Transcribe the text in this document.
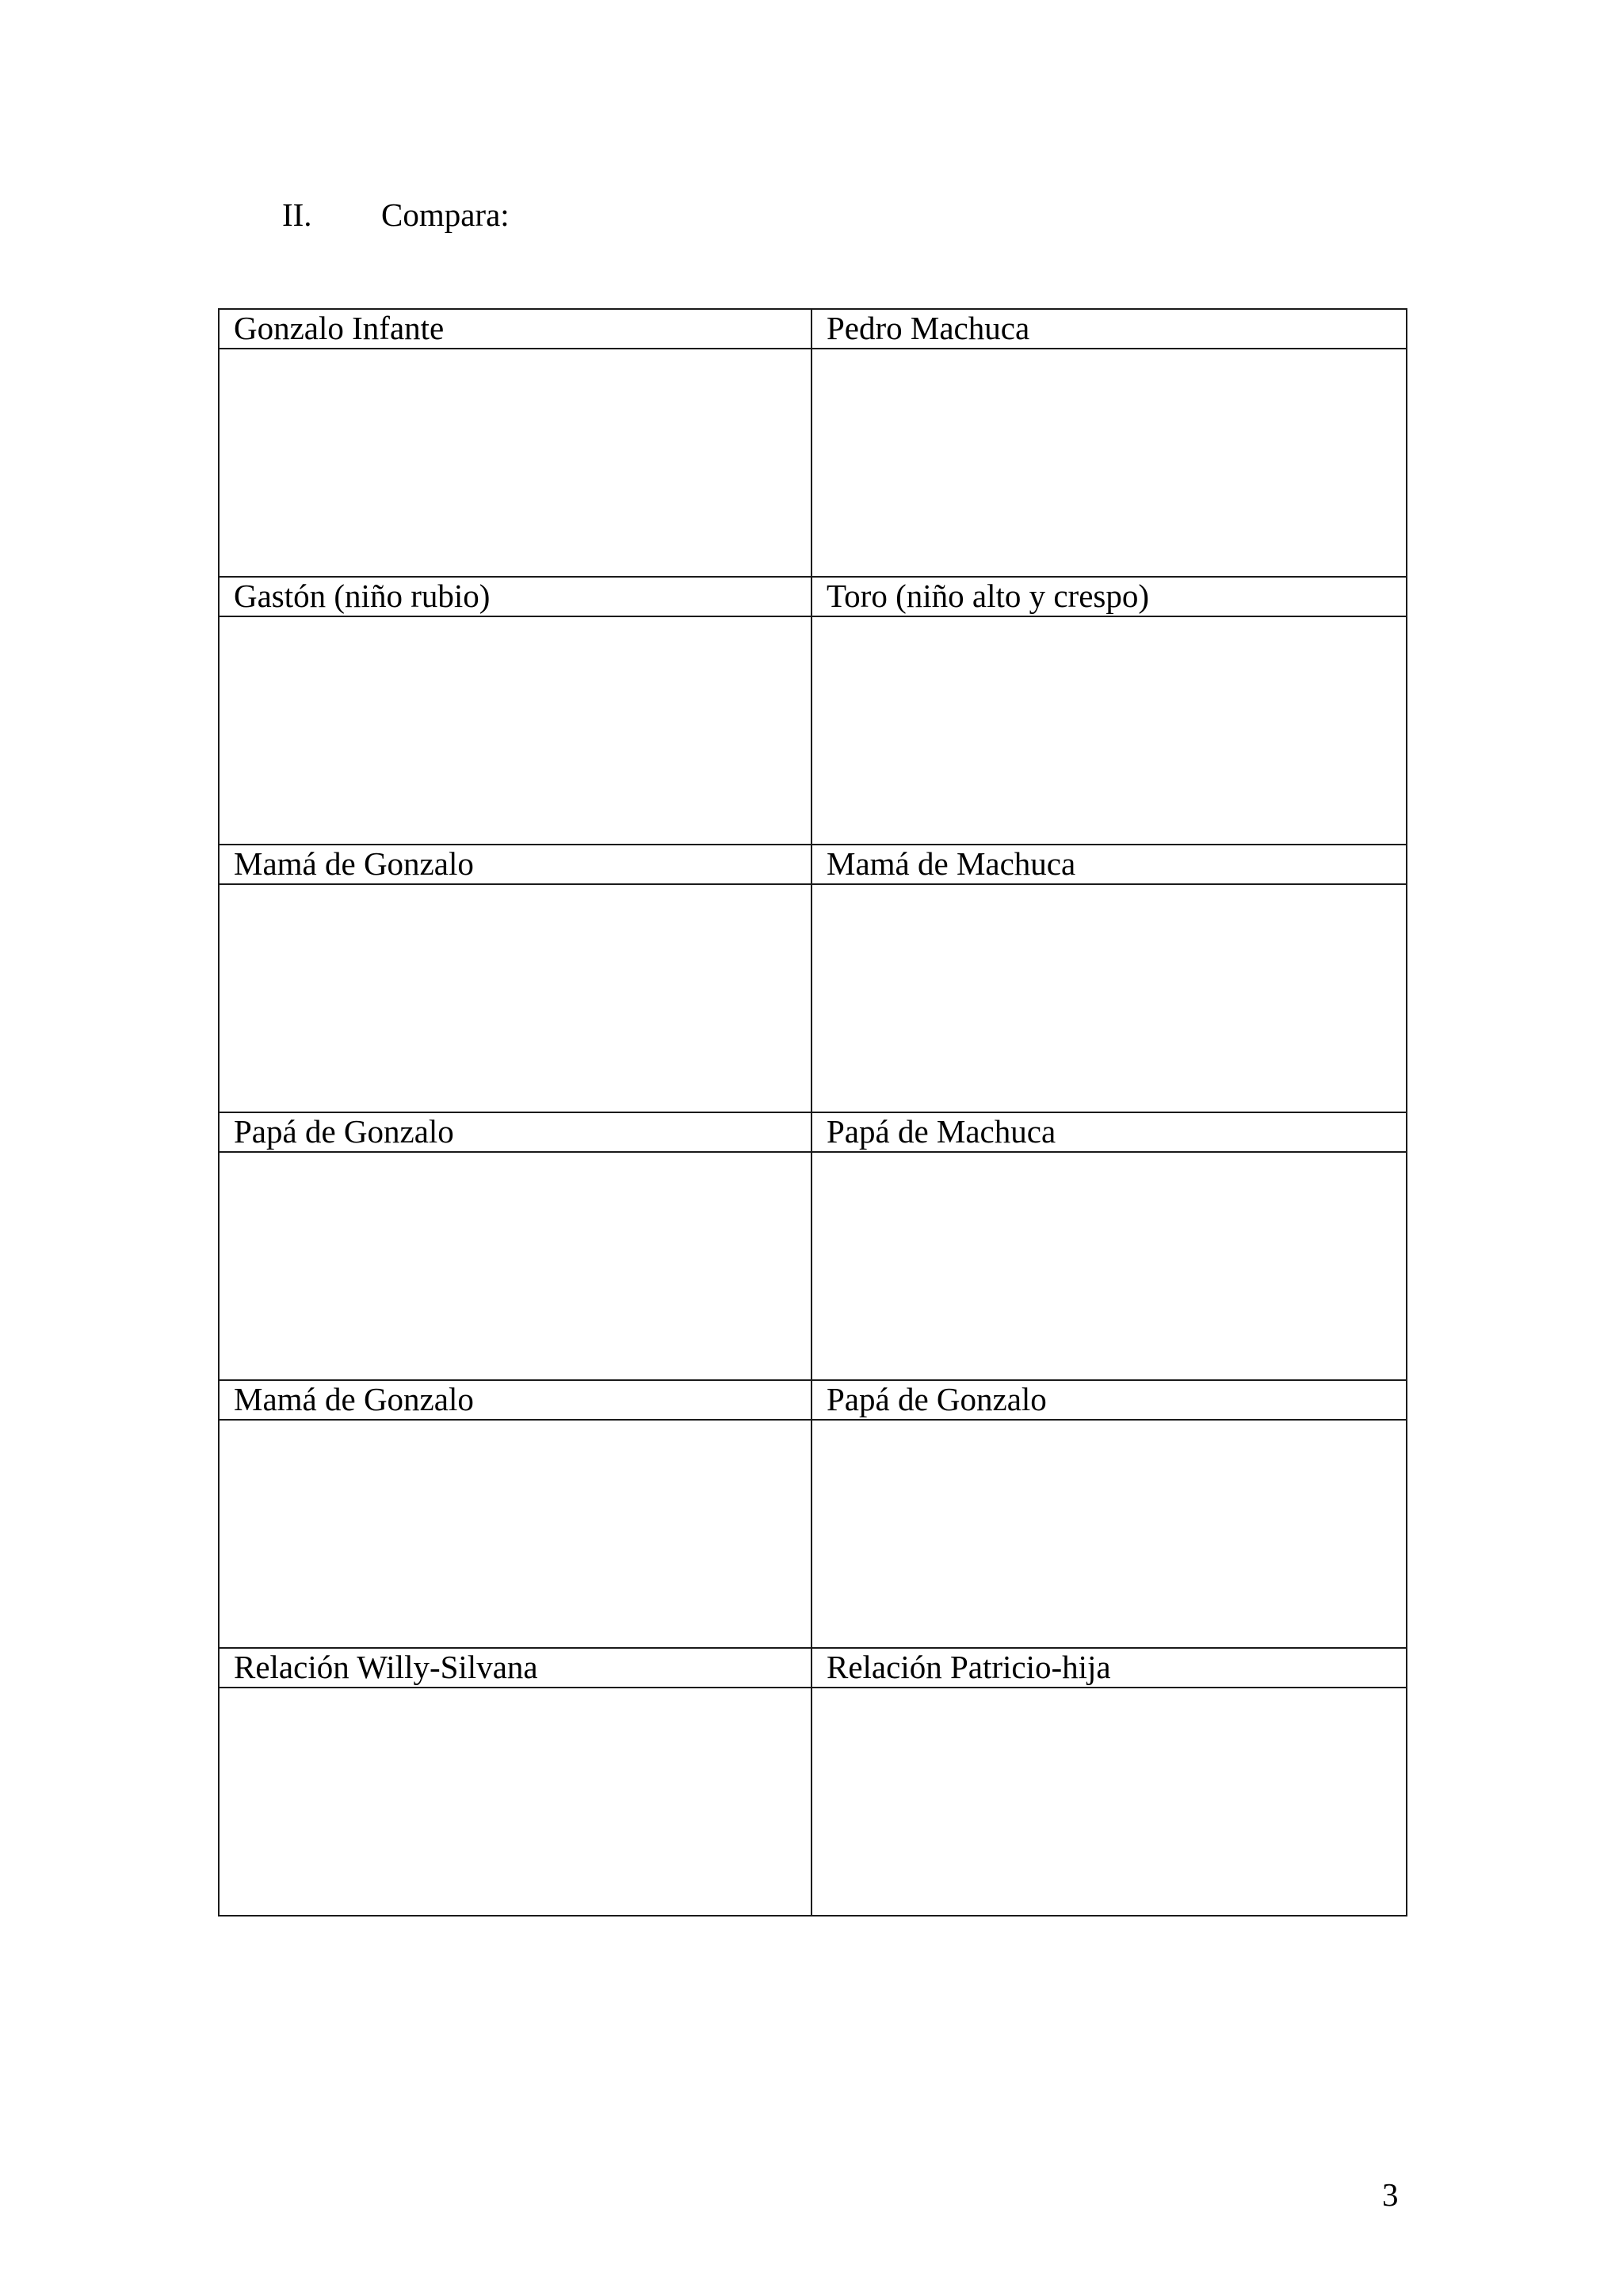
II. Compara:
Gonzalo Infante	Pedro Machuca

Gastón (niño rubio)	Toro (niño alto y crespo)

Mamá de Gonzalo	Mamá de Machuca

Papá de Gonzalo	Papá de Machuca

Mamá de Gonzalo	Papá de Gonzalo

Relación Willy-Silvana	Relación Patricio-hija

3
